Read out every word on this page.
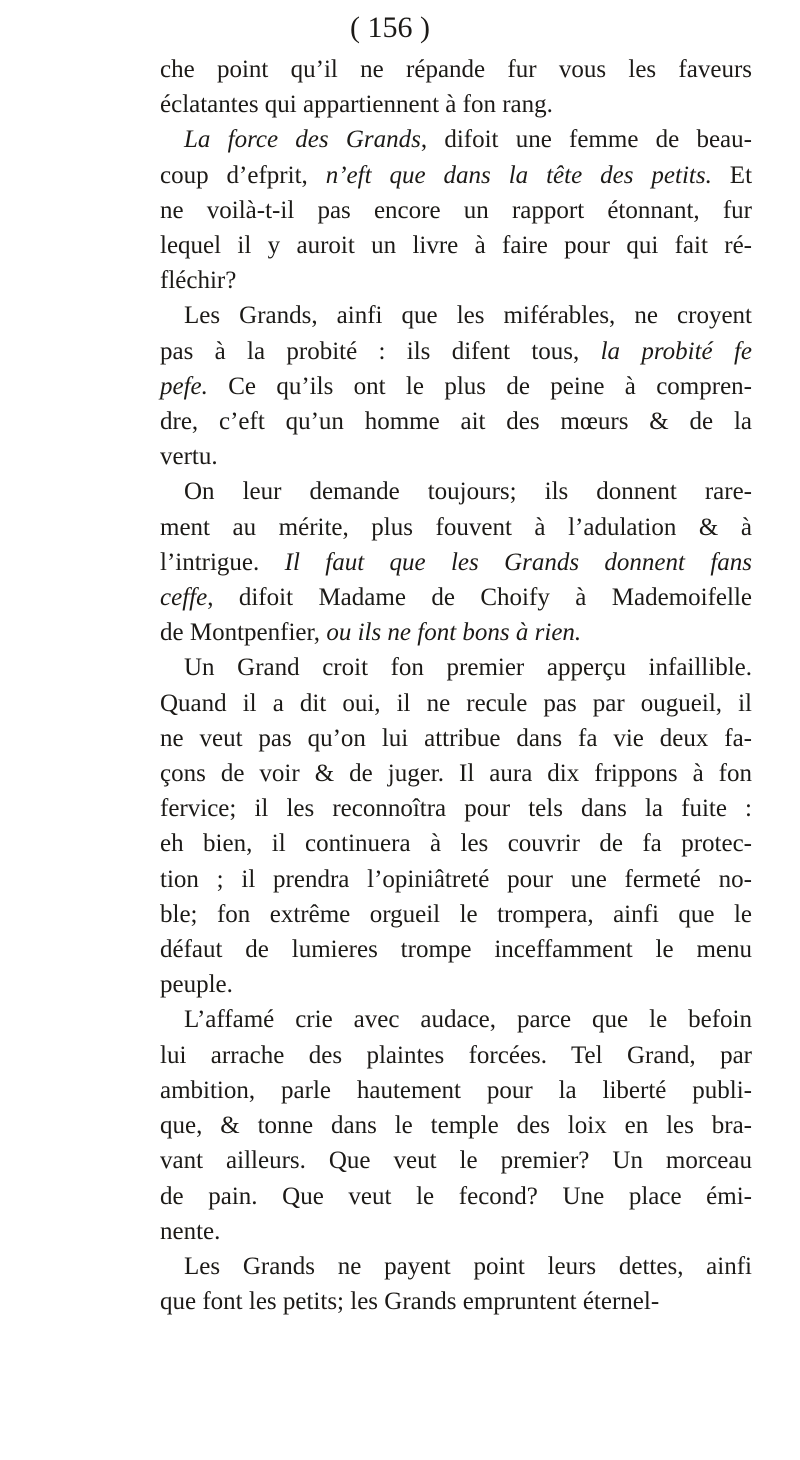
( 156 )
che point qu’il ne répande fur vous les faveurs
éclatantes qui appartiennent à fon rang.
La force des Grands, difoit une femme de beau-
coup d’efprit, n’eft que dans la tête des petits. Et
ne voilà-t-il pas encore un rapport étonnant, fur
lequel il y auroit un livre à faire pour qui fait ré-
fléchir?
Les Grands, ainfi que les miférables, ne croyent
pas à la probité : ils difent tous, la probité fe
pefe. Ce qu’ils ont le plus de peine à compren-
dre, c’eft qu’un homme ait des mœurs & de la
vertu.
On leur demande toujours; ils donnent rare-
ment au mérite, plus fouvent à l’adulation & à
l’intrigue. Il faut que les Grands donnent fans
ceffe, difoit Madame de Choify à Mademoifelle
de Montpenfier, ou ils ne font bons à rien.
Un Grand croit fon premier apperçu infaillible.
Quand il a dit oui, il ne recule pas par ougueil, il
ne veut pas qu’on lui attribue dans fa vie deux fa-
çons de voir & de juger. Il aura dix frippons à fon
fervice; il les reconnoîtra pour tels dans la fuite :
eh bien, il continuera à les couvrir de fa protec-
tion ; il prendra l’opiniâtreté pour une fermeté no-
ble; fon extrême orgueil le trompera, ainfi que le
défaut de lumieres trompe inceffamment le menu
peuple.
L’affamé crie avec audace, parce que le befoin
lui arrache des plaintes forcées. Tel Grand, par
ambition, parle hautement pour la liberté publi-
que, & tonne dans le temple des loix en les bra-
vant ailleurs. Que veut le premier? Un morceau
de pain. Que veut le fecond? Une place émi-
nente.
Les Grands ne payent point leurs dettes, ainfi
que font les petits; les Grands empruntent éternel-
